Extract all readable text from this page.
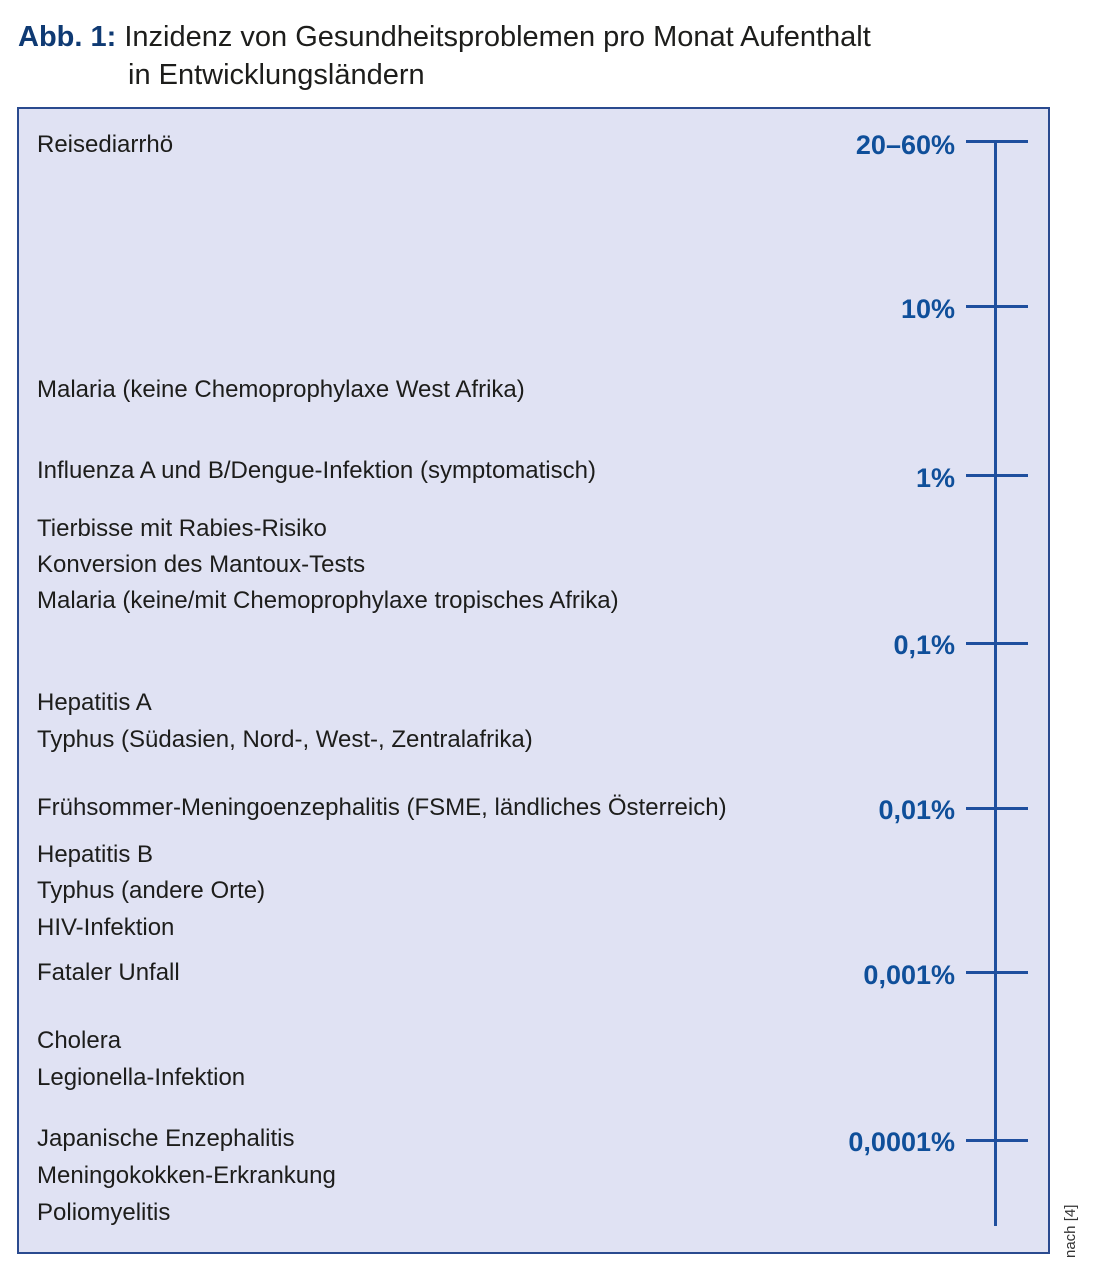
Abb. 1: Inzidenz von Gesundheitsproblemen pro Monat Aufenthalt
in Entwicklungsländern
Reisediarrhö
Malaria (keine Chemoprophylaxe West Afrika)
Influenza A und B/Dengue-Infektion (symptomatisch)
Tierbisse mit Rabies-Risiko
Konversion des Mantoux-Tests
Malaria (keine/mit Chemoprophylaxe tropisches Afrika)
Hepatitis A
Typhus (Südasien, Nord-, West-, Zentralafrika)
Frühsommer-Meningoenzephalitis (FSME, ländliches Österreich)
Hepatitis B
Typhus (andere Orte)
HIV-Infektion
Fataler Unfall
Cholera
Legionella-Infektion
Japanische Enzephalitis
Meningokokken-Erkrankung
Poliomyelitis
20–60%
10%
1%
0,1%
0,01%
0,001%
0,0001%
nach [4]
